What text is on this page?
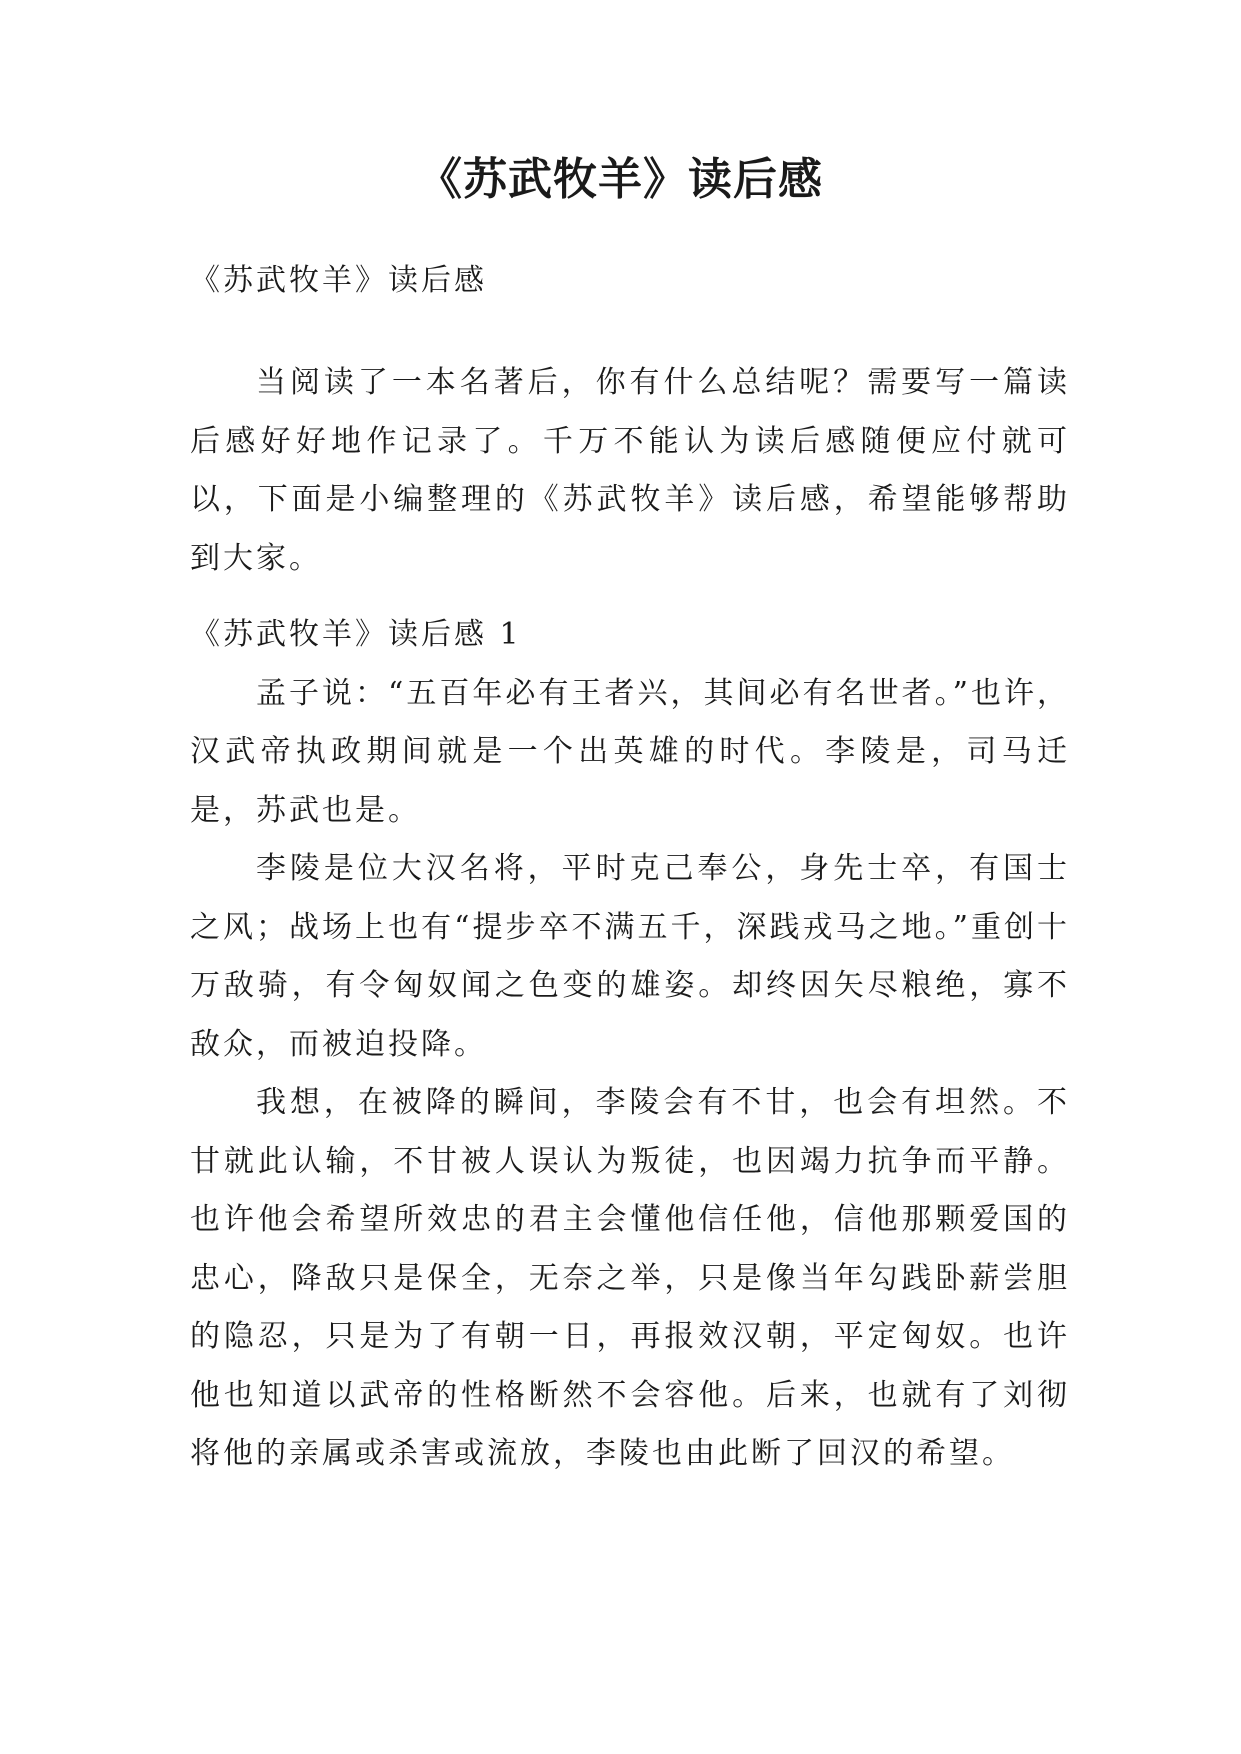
《苏武牧羊》读后感

《苏武牧羊》读后感

当阅读了一本名著后，你有什么总结呢？需要写一篇读后感好好地作记录了。千万不能认为读后感随便应付就可以，下面是小编整理的《苏武牧羊》读后感，希望能够帮助到大家。

《苏武牧羊》读后感 1

孟子说：“五百年必有王者兴，其间必有名世者。”也许，汉武帝执政期间就是一个出英雄的时代。李陵是，司马迁是，苏武也是。

李陵是位大汉名将，平时克己奉公，身先士卒，有国士之风；战场上也有“提步卒不满五千，深践戎马之地。”重创十万敌骑，有令匈奴闻之色变的雄姿。却终因矢尽粮绝，寡不敌众，而被迫投降。

我想，在被降的瞬间，李陵会有不甘，也会有坦然。不甘就此认输，不甘被人误认为叛徒，也因竭力抗争而平静。也许他会希望所效忠的君主会懂他信任他，信他那颗爱国的忠心，降敌只是保全，无奈之举，只是像当年勾践卧薪尝胆的隐忍，只是为了有朝一日，再报效汉朝，平定匈奴。也许他也知道以武帝的性格断然不会容他。后来，也就有了刘彻将他的亲属或杀害或流放，李陵也由此断了回汉的希望。
